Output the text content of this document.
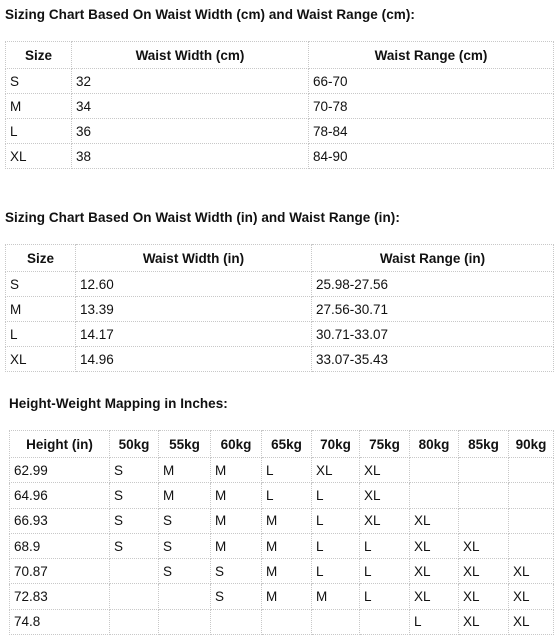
Sizing Chart Based On Waist Width (cm) and Waist Range (cm):
Size	Waist Width (cm)	Waist Range (cm)
S	32	66-70
M	34	70-78
L	36	78-84
XL	38	84-90
Sizing Chart Based On Waist Width (in) and Waist Range (in):
Size	Waist Width (in)	Waist Range (in)
S	12.60	25.98-27.56
M	13.39	27.56-30.71
L	14.17	30.71-33.07
XL	14.96	33.07-35.43
Height-Weight Mapping in Inches:
Height (in)	50kg	55kg	60kg	65kg	70kg	75kg	80kg	85kg	90kg
62.99	S	M	M	L	XL	XL			
64.96	S	M	M	L	L	XL			
66.93	S	S	M	M	L	XL	XL		
68.9	S	S	M	M	L	L	XL	XL	
70.87		S	S	M	L	L	XL	XL	XL
72.83			S	M	M	L	XL	XL	XL
74.8							L	XL	XL
